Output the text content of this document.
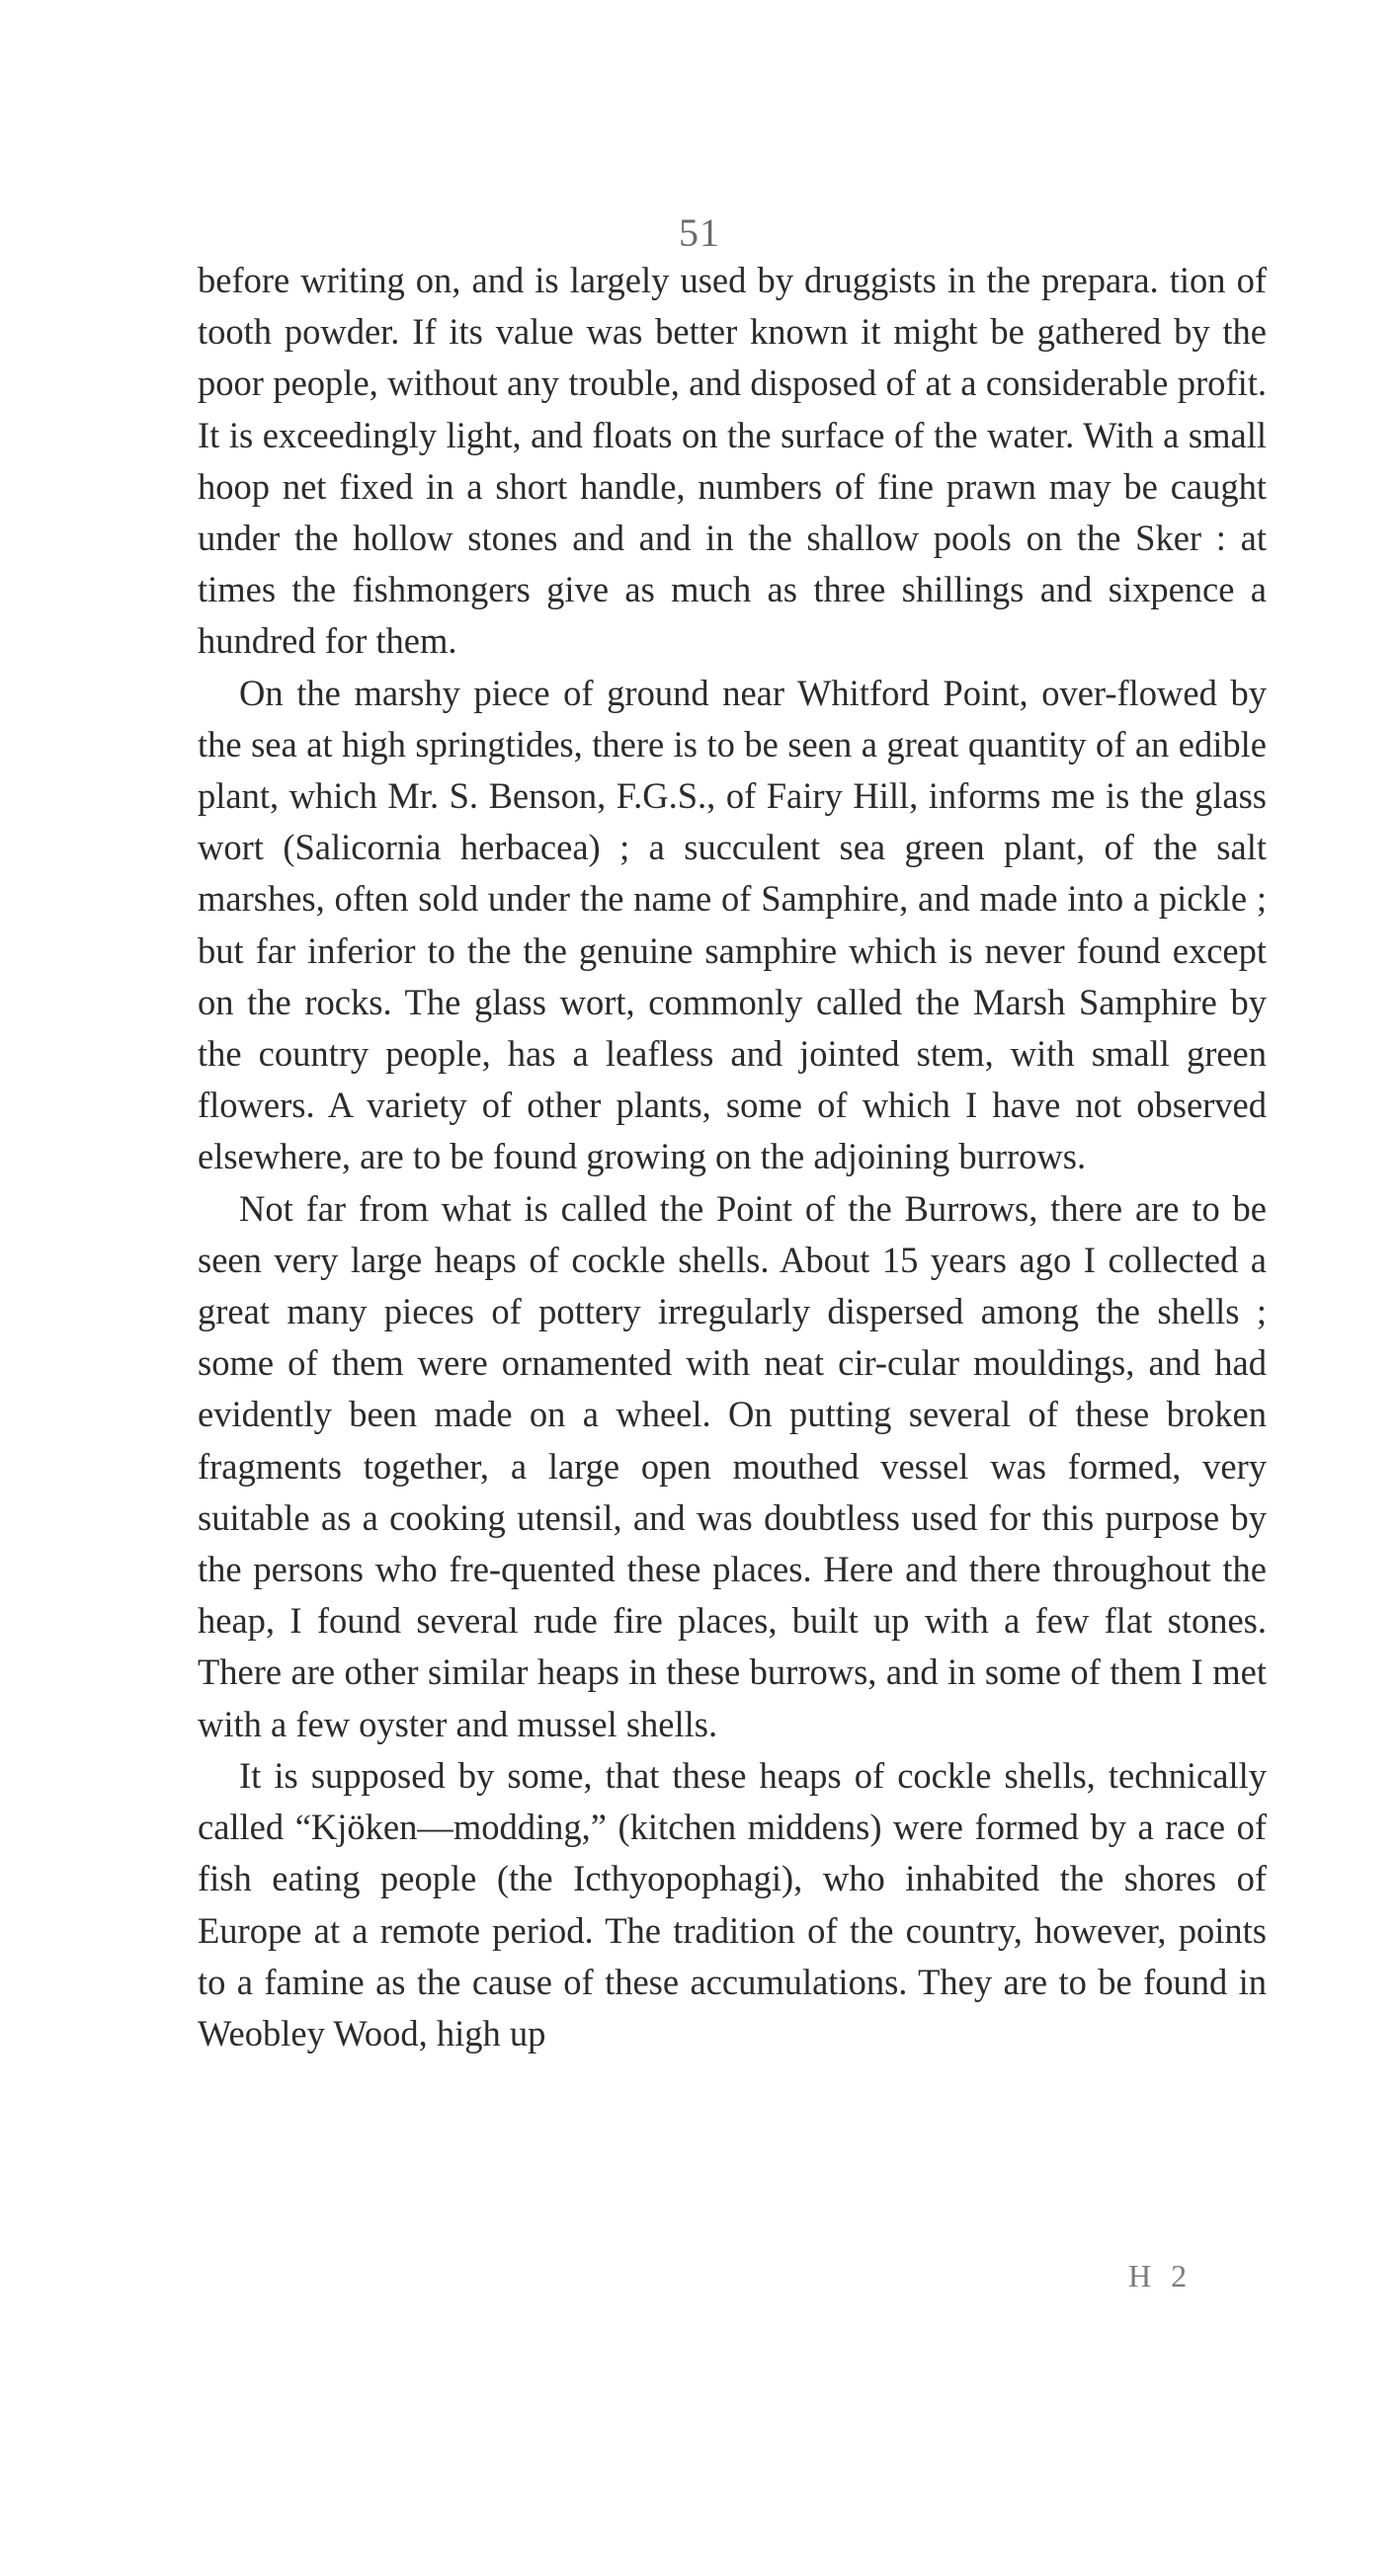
51

before writing on, and is largely used by druggists in the prepara. tion of tooth powder. If its value was better known it might be gathered by the poor people, without any trouble, and disposed of at a considerable profit. It is exceedingly light, and floats on the surface of the water. With a small hoop net fixed in a short handle, numbers of fine prawn may be caught under the hollow stones and and in the shallow pools on the Sker : at times the fishmongers give as much as three shillings and sixpence a hundred for them.

On the marshy piece of ground near Whitford Point, over-flowed by the sea at high springtides, there is to be seen a great quantity of an edible plant, which Mr. S. Benson, F.G.S., of Fairy Hill, informs me is the glass wort (Salicornia herbacea) ; a succulent sea green plant, of the salt marshes, often sold under the name of Samphire, and made into a pickle ; but far inferior to the the genuine samphire which is never found except on the rocks. The glass wort, commonly called the Marsh Samphire by the country people, has a leafless and jointed stem, with small green flowers. A variety of other plants, some of which I have not observed elsewhere, are to be found growing on the adjoining burrows.

Not far from what is called the Point of the Burrows, there are to be seen very large heaps of cockle shells. About 15 years ago I collected a great many pieces of pottery irregularly dispersed among the shells ; some of them were ornamented with neat cir-cular mouldings, and had evidently been made on a wheel. On putting several of these broken fragments together, a large open mouthed vessel was formed, very suitable as a cooking utensil, and was doubtless used for this purpose by the persons who fre-quented these places. Here and there throughout the heap, I found several rude fire places, built up with a few flat stones. There are other similar heaps in these burrows, and in some of them I met with a few oyster and mussel shells.

It is supposed by some, that these heaps of cockle shells, technically called “Kjöken—modding,” (kitchen middens) were formed by a race of fish eating people (the Icthyopophagi), who inhabited the shores of Europe at a remote period. The tradition of the country, however, points to a famine as the cause of these accumulations. They are to be found in Weobley Wood, high up

H 2
